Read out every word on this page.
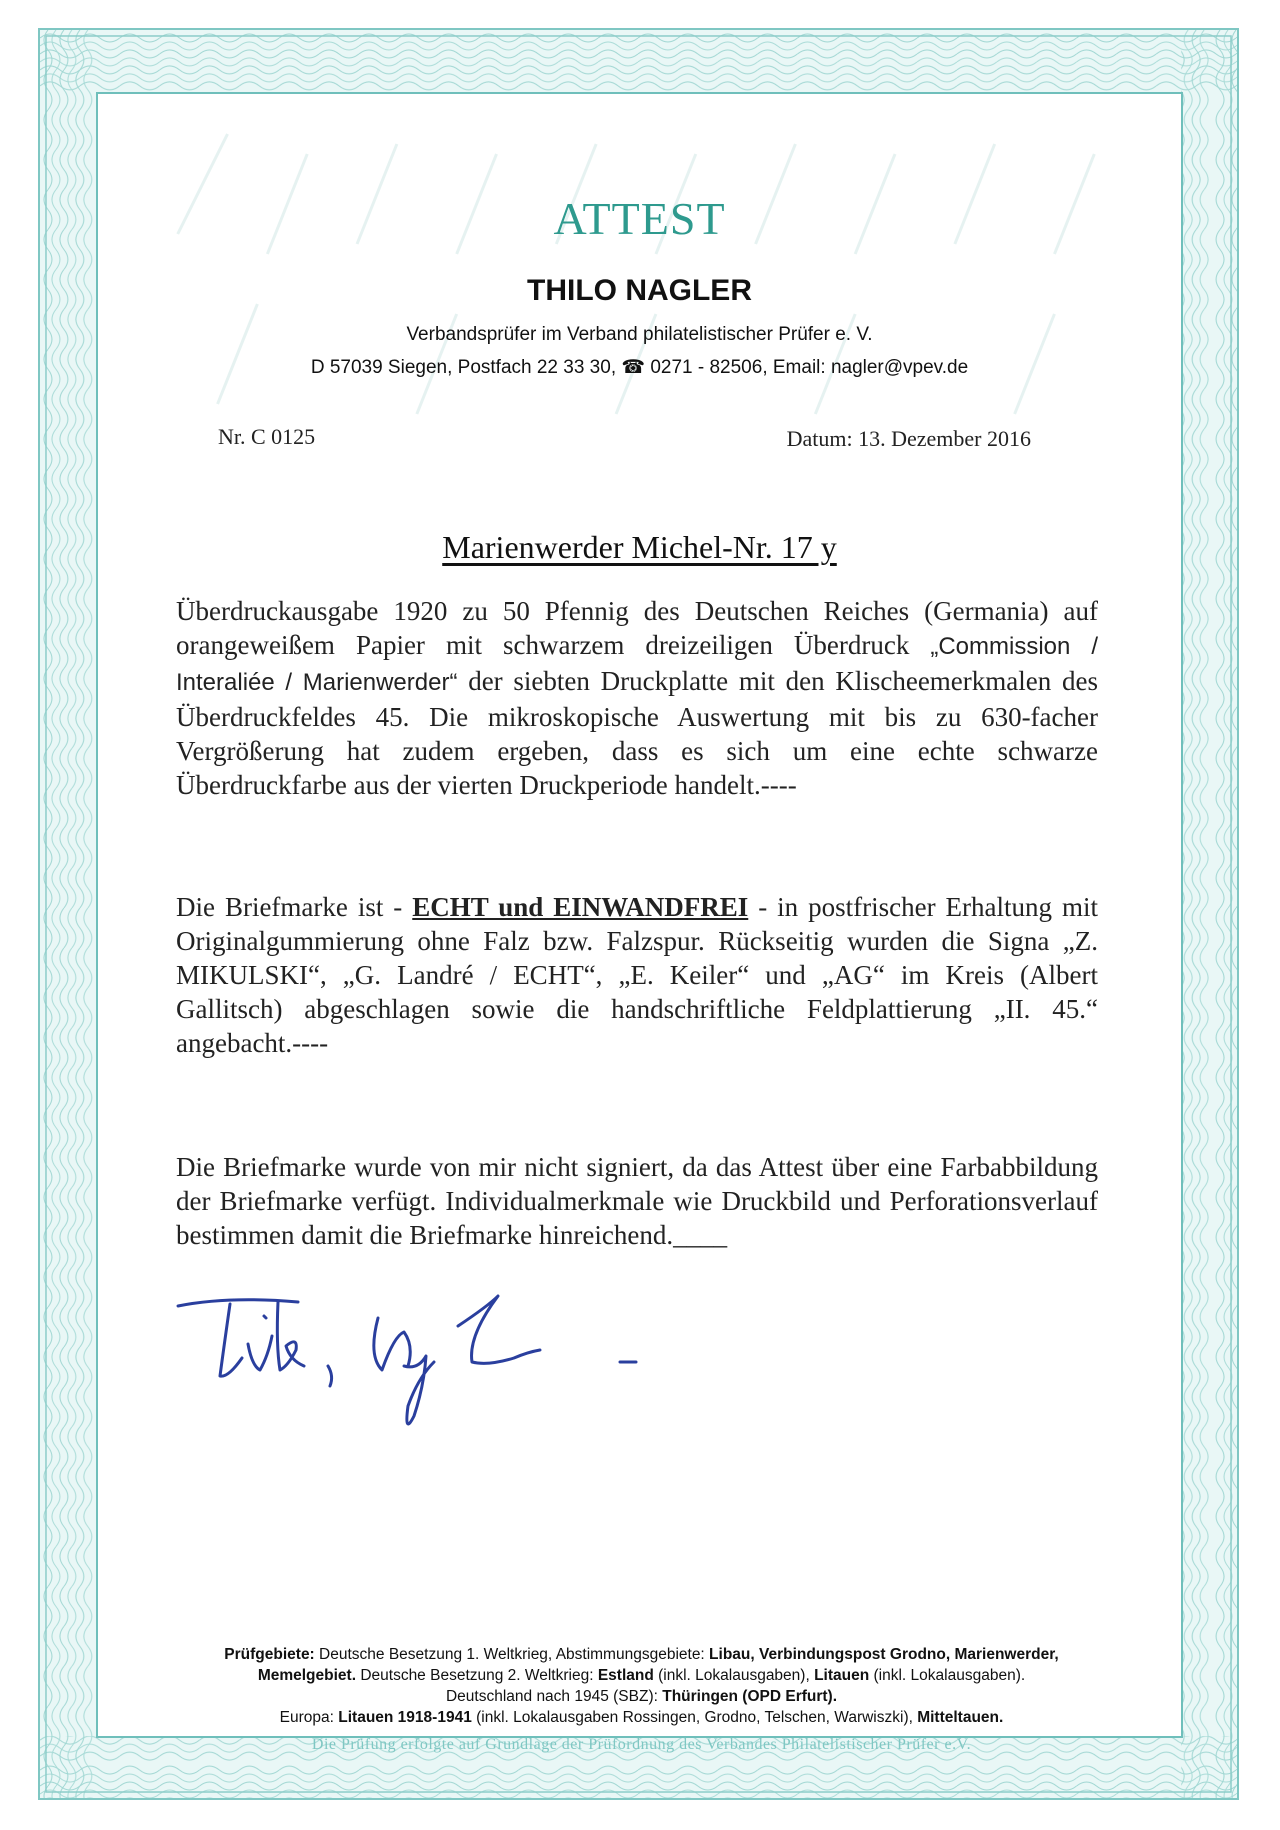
ATTEST
THILO NAGLER
Verbandsprüfer im Verband philatelistischer Prüfer e. V.
D 57039 Siegen, Postfach 22 33 30, ☎ 0271 - 82506, Email: nagler@vpev.de
Nr. C 0125	Datum: 13. Dezember 2016
Marienwerder Michel-Nr. 17 y
Überdruckausgabe 1920 zu 50 Pfennig des Deutschen Reiches (Germania) auf orangeweißem Papier mit schwarzem dreizeiligen Überdruck „Commission / Interaliée / Marienwerder“ der siebten Druckplatte mit den Klischeemerkmalen des Überdruckfeldes 45. Die mikroskopische Auswertung mit bis zu 630-facher Vergrößerung hat zudem ergeben, dass es sich um eine echte schwarze Überdruckfarbe aus der vierten Druckperiode handelt.----
Die Briefmarke ist - ECHT und EINWANDFREI - in postfrischer Erhaltung mit Originalgummierung ohne Falz bzw. Falzspur. Rückseitig wurden die Signa „Z. MIKULSKI“, „G. Landré / ECHT“, „E. Keiler“ und „AG“ im Kreis (Albert Gallitsch) abgeschlagen sowie die handschriftliche Feldplattierung „II. 45.“ angebacht.----
Die Briefmarke wurde von mir nicht signiert, da das Attest über eine Farbabbildung der Briefmarke verfügt. Individualmerkmale wie Druckbild und Perforationsverlauf bestimmen damit die Briefmarke hinreichend.____
Prüfgebiete: Deutsche Besetzung 1. Weltkrieg, Abstimmungsgebiete: Libau, Verbindungspost Grodno, Marienwerder,
Memelgebiet. Deutsche Besetzung 2. Weltkrieg: Estland (inkl. Lokalausgaben), Litauen (inkl. Lokalausgaben).
Deutschland nach 1945 (SBZ): Thüringen (OPD Erfurt).
Europa: Litauen 1918-1941 (inkl. Lokalausgaben Rossingen, Grodno, Telschen, Warwiszki), Mitteltauen.
Die Prüfung erfolgte auf Grundlage der Prüfordnung des Verbandes Philatelistischer Prüfer e.V.
